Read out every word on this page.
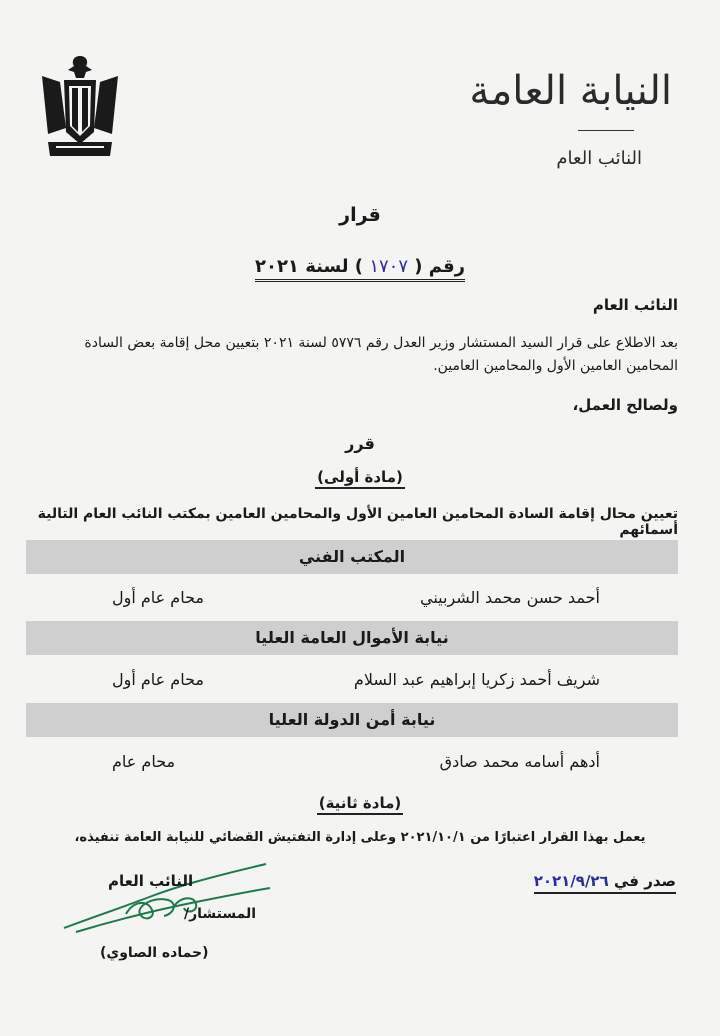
النيابة العامة
النائب العام
قرار
رقم ( ١٧٠٧ ) لسنة ٢٠٢١
النائب العام
بعد الاطلاع على قرار السيد المستشار وزير العدل رقم ٥٧٧٦ لسنة ٢٠٢١ بتعيين محل إقامة بعض السادة المحامين العامين الأول والمحامين العامين.
ولصالح العمل،
قرر
(مادة أولى)
تعيين محال إقامة السادة المحامين العامين الأول والمحامين العامين بمكتب النائب العام التالية أسمائهم
المكتب الفني
أحمد حسن محمد الشربيني
محام عام أول
نيابة الأموال العامة العليا
شريف أحمد زكريا إبراهيم عبد السلام
محام عام أول
نيابة أمن الدولة العليا
أدهم أسامه محمد صادق
محام عام
(مادة ثانية)
يعمل بهذا القرار اعتبارًا من ٢٠٢١/١٠/١ وعلى إدارة التفتيش القضائي للنيابة العامة تنفيذه،
صدر في ٢٠٢١/٩/٢٦
النائب العام
المستشار/
(حماده الصاوي)
